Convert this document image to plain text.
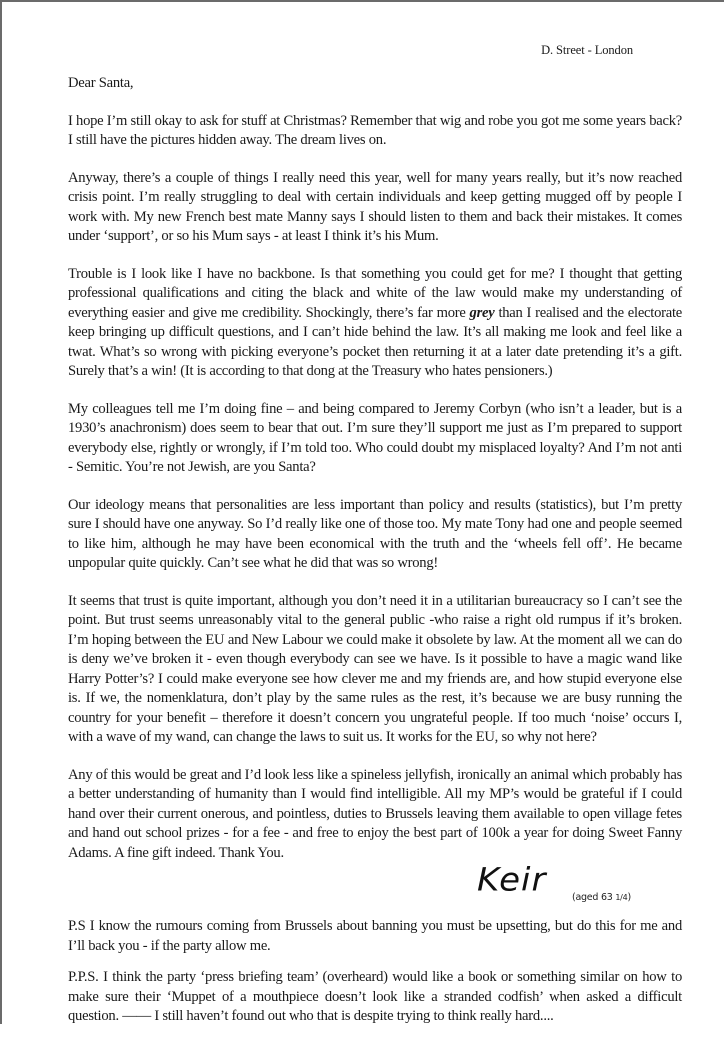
D. Street - London

Dear Santa,

I hope I’m still okay to ask for stuff at Christmas? Remember that wig and robe you got me some years back? I still have the pictures hidden away. The dream lives on.

Anyway, there’s a couple of things I really need this year, well for many years really, but it’s now reached crisis point. I’m really struggling to deal with certain individuals and keep getting mugged off by people I work with. My new French best mate Manny says I should listen to them and back their mistakes. It comes under ‘support’, or so his Mum says - at least I think it’s his Mum.

Trouble is I look like I have no backbone. Is that something you could get for me? I thought that getting professional qualifications and citing the black and white of the law would make my understanding of everything easier and give me credibility. Shockingly, there’s far more grey than I realised and the electorate keep bringing up difficult questions, and I can’t hide behind the law. It’s all making me look and feel like a twat. What’s so wrong with picking everyone’s pocket then returning it at a later date pretending it’s a gift. Surely that’s a win! (It is according to that dong at the Treasury who hates pensioners.)

My colleagues tell me I’m doing fine – and being compared to Jeremy Corbyn (who isn’t a leader, but is a 1930’s anachronism) does seem to bear that out. I’m sure they’ll support me just as I’m prepared to support everybody else, rightly or wrongly, if I’m told too. Who could doubt my misplaced loyalty? And I’m not anti - Semitic. You’re not Jewish, are you Santa?

Our ideology means that personalities are less important than policy and results (statistics), but I’m pretty sure I should have one anyway. So I’d really like one of those too. My mate Tony had one and people seemed to like him, although he may have been economical with the truth and the ‘wheels fell off’. He became unpopular quite quickly. Can’t see what he did that was so wrong!

It seems that trust is quite important, although you don’t need it in a utilitarian bureaucracy so I can’t see the point. But trust seems unreasonably vital to the general public -who raise a right old rumpus if it’s broken. I’m hoping between the EU and New Labour we could make it obsolete by law. At the moment all we can do is deny we’ve broken it - even though everybody can see we have. Is it possible to have a magic wand like Harry Potter’s? I could make everyone see how clever me and my friends are, and how stupid everyone else is. If we, the nomenklatura, don’t play by the same rules as the rest, it’s because we are busy running the country for your benefit – therefore it doesn’t concern you ungrateful people. If too much ‘noise’ occurs I, with a wave of my wand, can change the laws to suit us. It works for the EU, so why not here?

Any of this would be great and I’d look less like a spineless jellyfish, ironically an animal which probably has a better understanding of humanity than I would find intelligible. All my MP’s would be grateful if I could hand over their current onerous, and pointless, duties to Brussels leaving them available to open village fetes and hand out school prizes - for a fee - and free to enjoy the best part of 100k a year for doing Sweet Fanny Adams. A fine gift indeed. Thank You.

Keir	(aged 63 1/4)

P.S I know the rumours coming from Brussels about banning you must be upsetting, but do this for me and I’ll back you - if the party allow me.

P.P.S. I think the party ‘press briefing team’ (overheard) would like a book or something similar on how to make sure their ‘Muppet of a mouthpiece doesn’t look like a stranded codfish’ when asked a difficult question. —— I still haven’t found out who that is despite trying to think really hard....
